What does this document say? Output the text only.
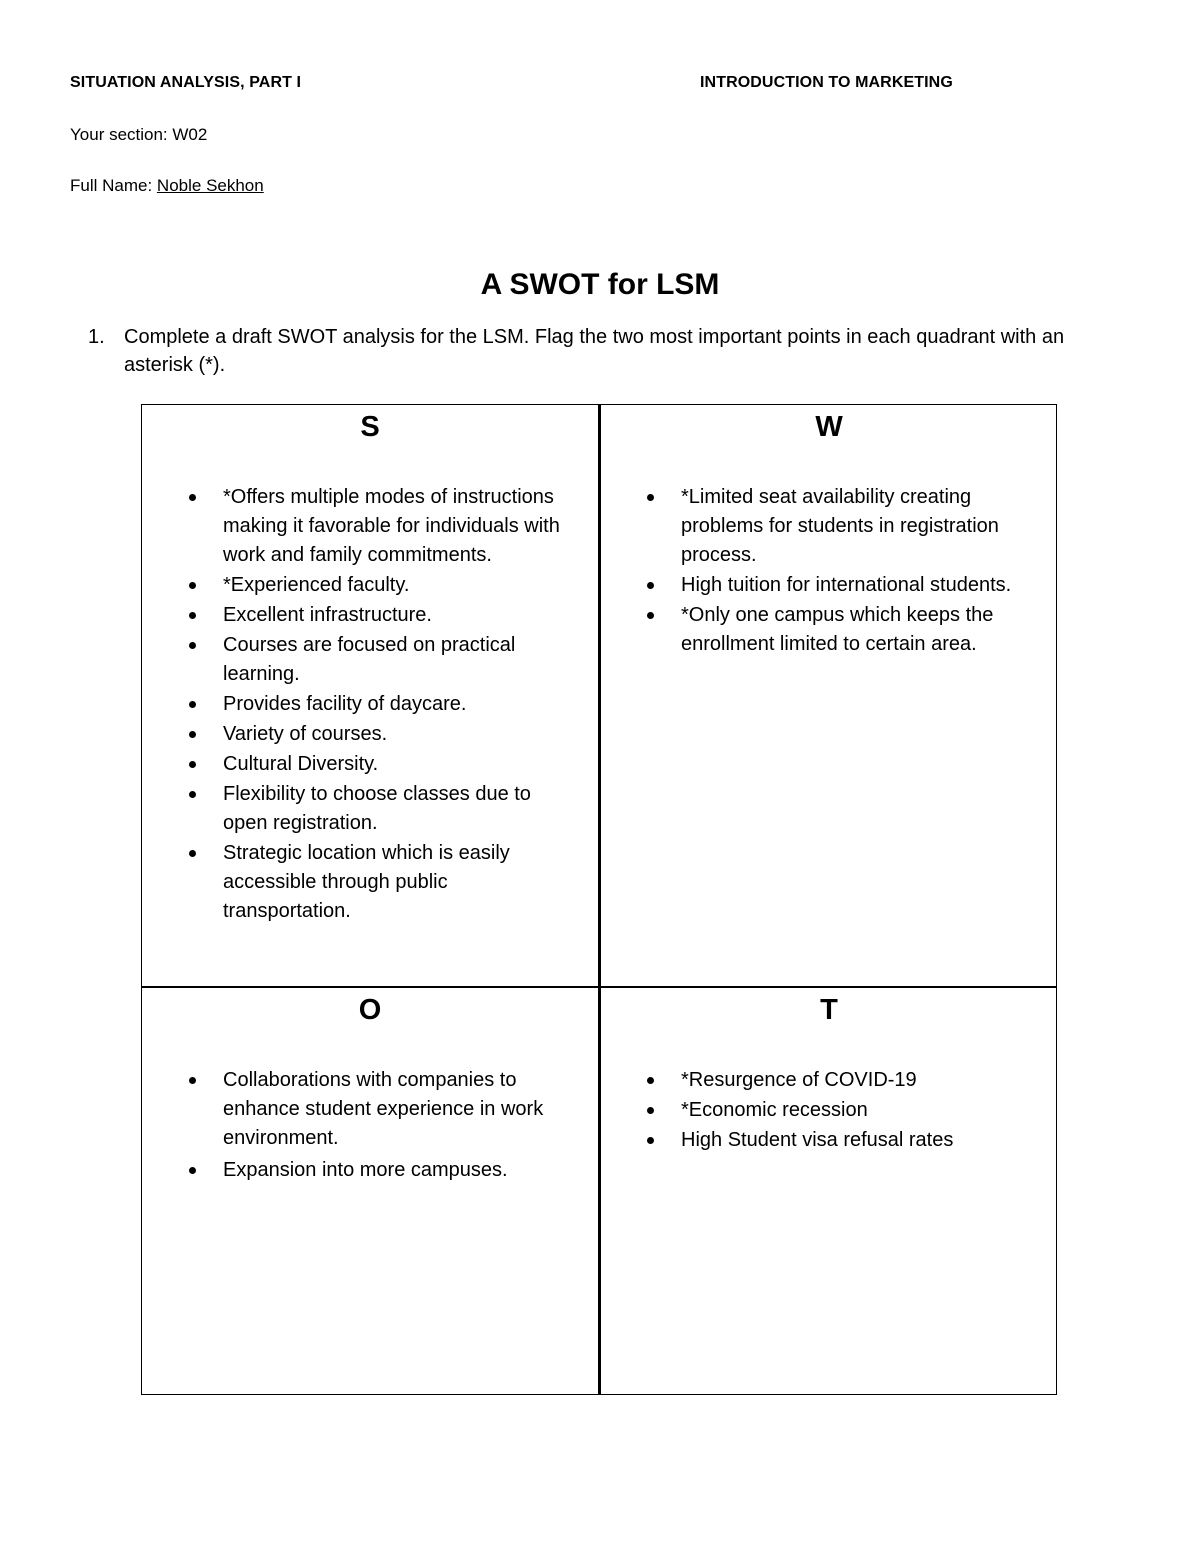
SITUATION ANALYSIS, PART I	INTRODUCTION TO MARKETING
Your section: W02
Full Name: Noble Sekhon
A SWOT for LSM
1. Complete a draft SWOT analysis for the LSM. Flag the two most important points in each quadrant with an asterisk (*).
S
*Offers multiple modes of instructions making it favorable for individuals with work and family commitments.
*Experienced faculty.
Excellent infrastructure.
Courses are focused on practical learning.
Provides facility of daycare.
Variety of courses.
Cultural Diversity.
Flexibility to choose classes due to open registration.
Strategic location which is easily accessible through public transportation.
W
*Limited seat availability creating problems for students in registration process.
High tuition for international students.
*Only one campus which keeps the enrollment limited to certain area.
O
Collaborations with companies to enhance student experience in work environment.
Expansion into more campuses.
T
*Resurgence of COVID-19
*Economic recession
High Student visa refusal rates
